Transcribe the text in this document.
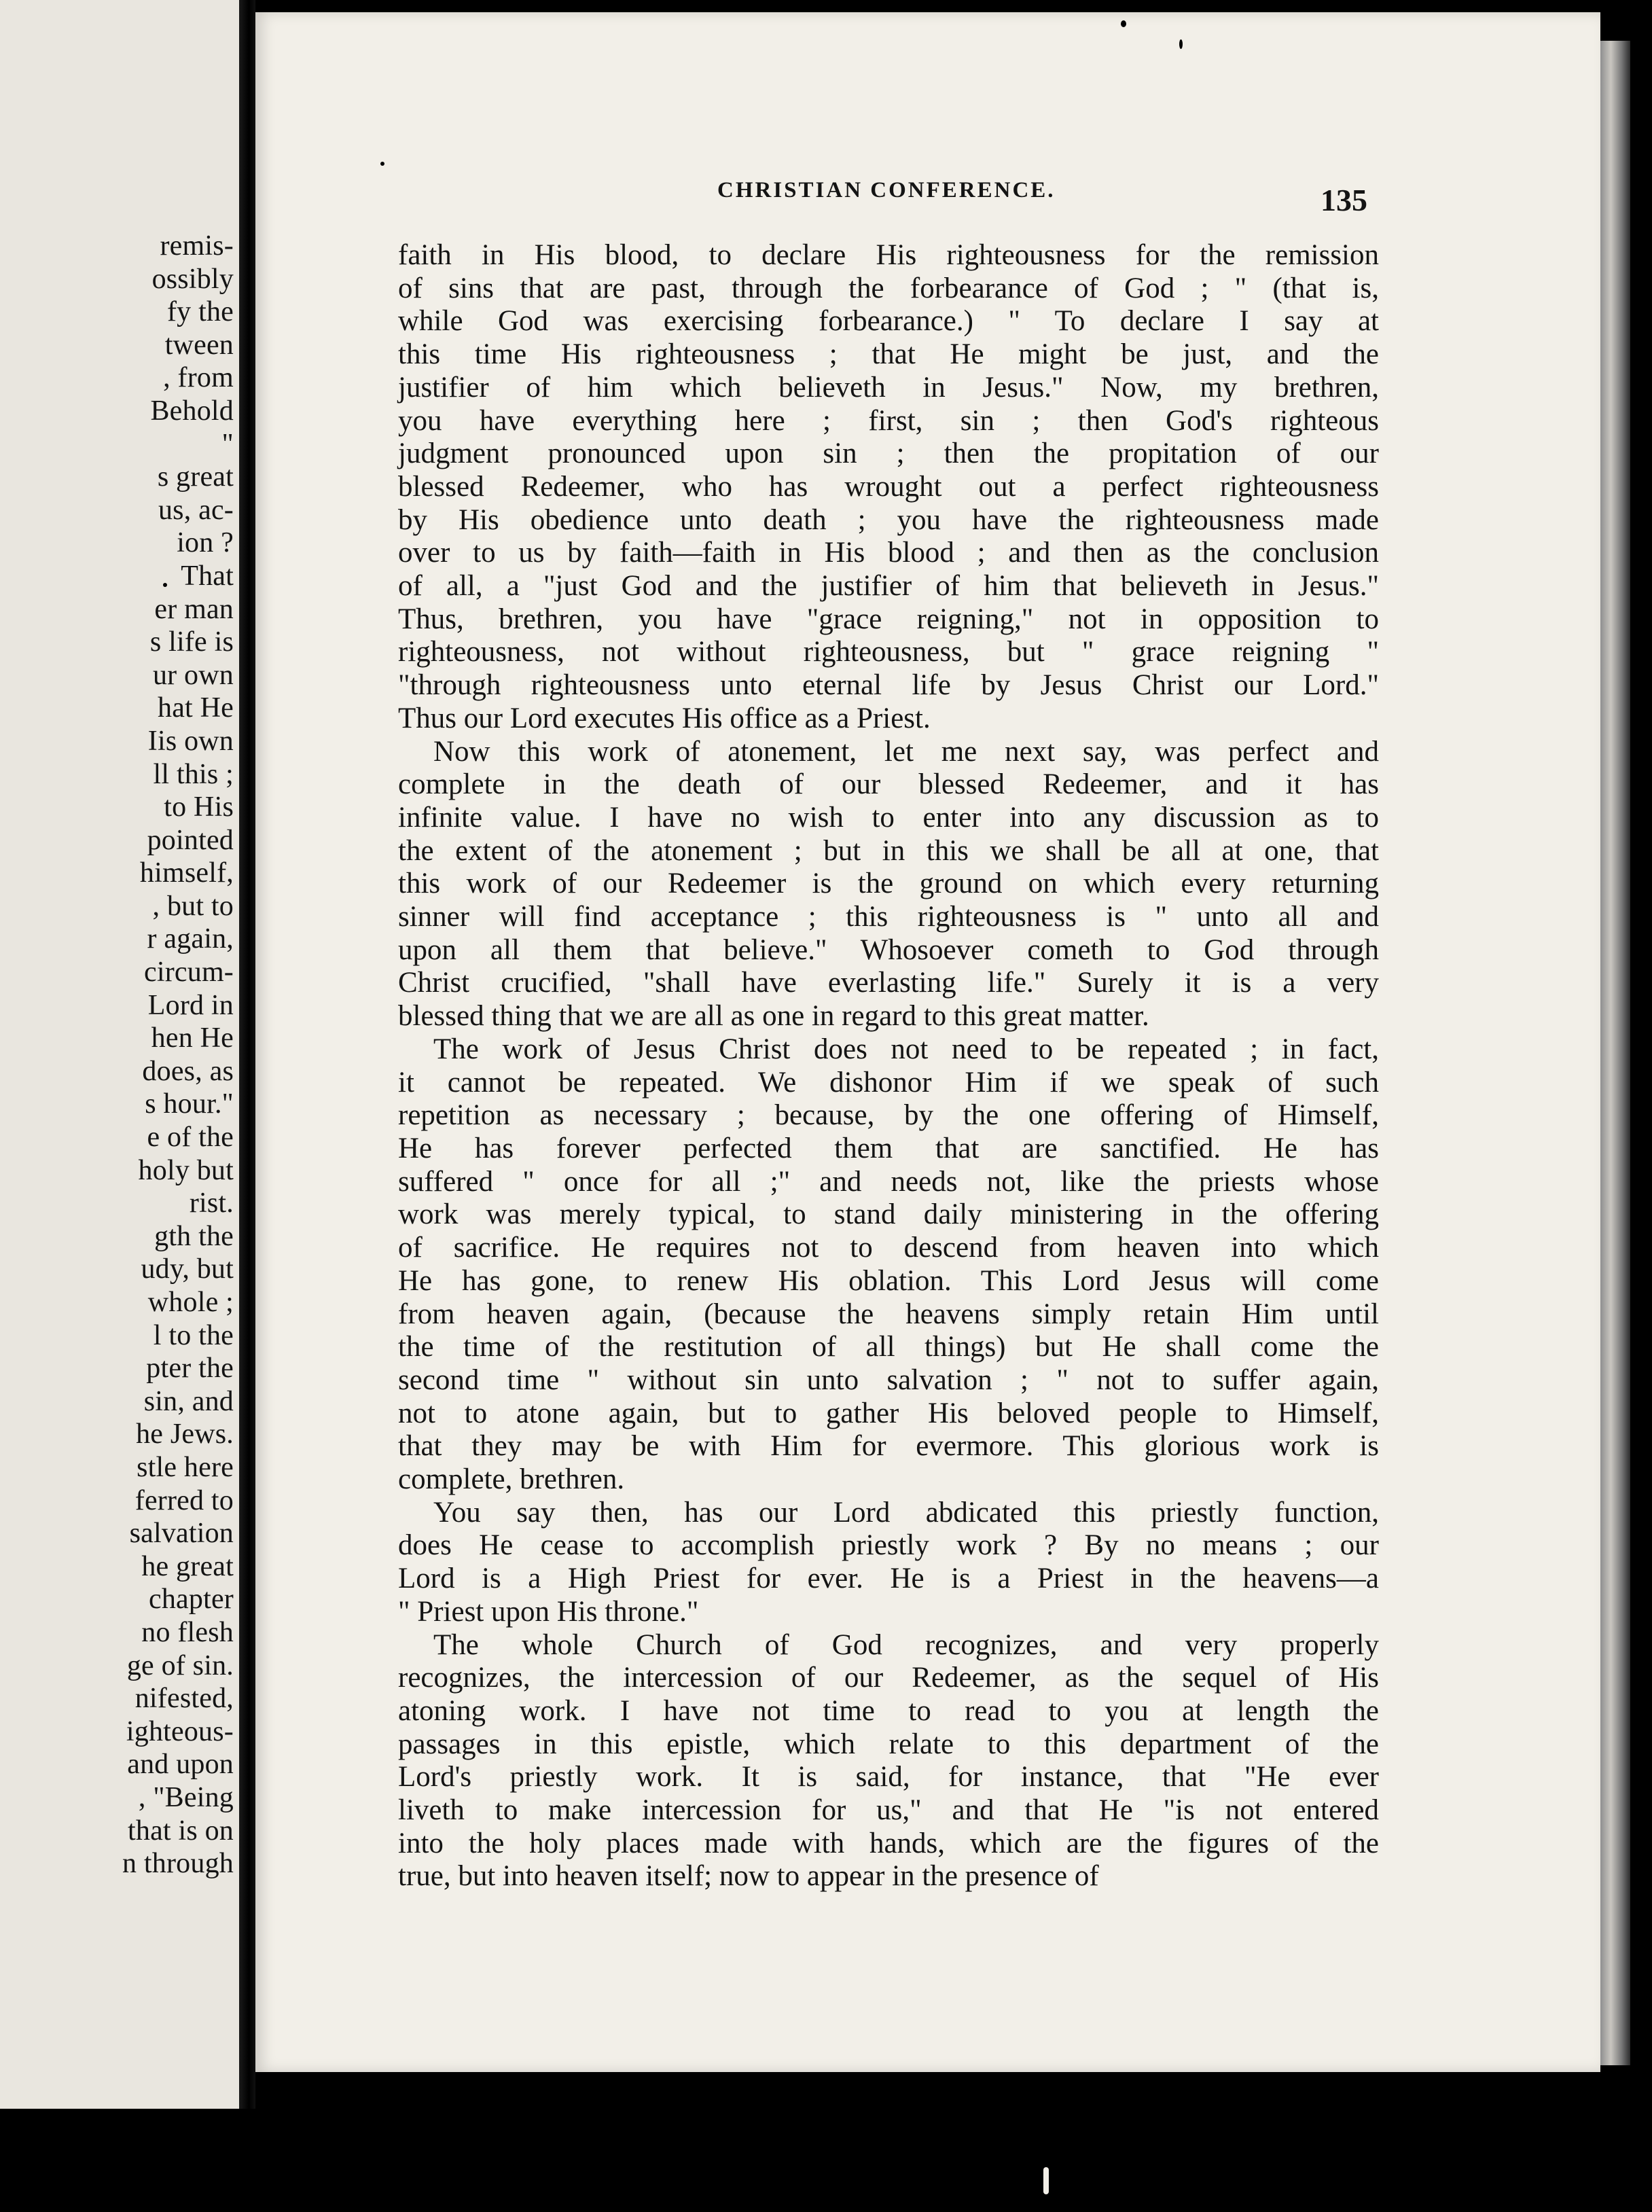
remis-
ossibly
fy the
tween
, from
Behold
"
s great
us, ac-
ion ?
That
er man
s life is
ur own
hat He
Iis own
ll this ;
to His
pointed
himself,
, but to
r again,
circum-
Lord in
hen He
does, as
s hour."
e of the
holy but
rist.
gth the
udy, but
whole ;
l to the
pter the
sin, and
he Jews.
stle here
ferred to
salvation
he great
chapter
no flesh
ge of sin.
nifested,
ighteous-
and upon
, "Being
that is on
n through
CHRISTIAN CONFERENCE.	135
faith in His blood, to declare His righteousness for the remission
of sins that are past, through the forbearance of God ; " (that is,
while God was exercising forbearance.) " To declare I say at
this time His righteousness ; that He might be just, and the
justifier of him which believeth in Jesus." Now, my brethren,
you have everything here ; first, sin ; then God's righteous
judgment pronounced upon sin ; then the propitation of our
blessed Redeemer, who has wrought out a perfect righteousness
by His obedience unto death ; you have the righteousness made
over to us by faith—faith in His blood ; and then as the conclusion
of all, a "just God and the justifier of him that believeth in Jesus."
Thus, brethren, you have "grace reigning," not in opposition to
righteousness, not without righteousness, but " grace reigning "
"through righteousness unto eternal life by Jesus Christ our Lord."
Thus our Lord executes His office as a Priest.
Now this work of atonement, let me next say, was perfect and
complete in the death of our blessed Redeemer, and it has
infinite value. I have no wish to enter into any discussion as to
the extent of the atonement ; but in this we shall be all at one, that
this work of our Redeemer is the ground on which every returning
sinner will find acceptance ; this righteousness is " unto all and
upon all them that believe." Whosoever cometh to God through
Christ crucified, "shall have everlasting life." Surely it is a very
blessed thing that we are all as one in regard to this great matter.
The work of Jesus Christ does not need to be repeated ; in fact,
it cannot be repeated. We dishonor Him if we speak of such
repetition as necessary ; because, by the one offering of Himself,
He has forever perfected them that are sanctified. He has
suffered " once for all ;" and needs not, like the priests whose
work was merely typical, to stand daily ministering in the offering
of sacrifice. He requires not to descend from heaven into which
He has gone, to renew His oblation. This Lord Jesus will come
from heaven again, (because the heavens simply retain Him until
the time of the restitution of all things) but He shall come the
second time " without sin unto salvation ; " not to suffer again,
not to atone again, but to gather His beloved people to Himself,
that they may be with Him for evermore. This glorious work is
complete, brethren.
You say then, has our Lord abdicated this priestly function,
does He cease to accomplish priestly work ? By no means ; our
Lord is a High Priest for ever. He is a Priest in the heavens—a
" Priest upon His throne."
The whole Church of God recognizes, and very properly
recognizes, the intercession of our Redeemer, as the sequel of His
atoning work. I have not time to read to you at length the
passages in this epistle, which relate to this department of the
Lord's priestly work. It is said, for instance, that "He ever
liveth to make intercession for us," and that He "is not entered
into the holy places made with hands, which are the figures of the
true, but into heaven itself; now to appear in the presence of
